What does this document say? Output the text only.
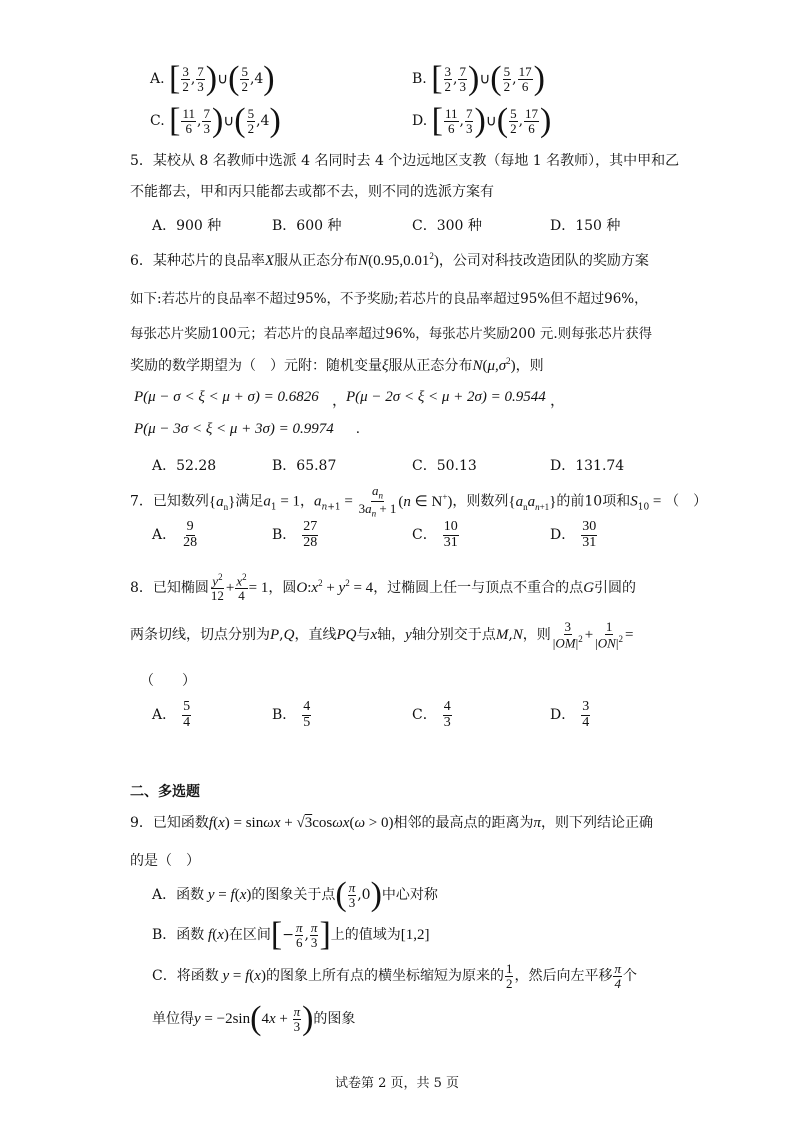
A. [ $\frac{3}{2}$ , $\frac{7}{3}$ )∪( $\frac{5}{2} ,4$)	B. [ $\frac{3}{2}$ , $\frac{7}{3}$ )∪( $\frac{5}{2}$ , $\frac{17}{6}$ )
C. [ $\frac{11}{6}$ , $\frac{7}{3}$ )∪( $\frac{5}{2} ,4$)	D. [ $\frac{11}{6}$ , $\frac{7}{3}$ )∪( $\frac{5}{2}$ , $\frac{17}{6}$ )
5．某校从 8 名教师中选派 4 名同时去 4 个边远地区支教（每地 1 名教师），其中甲和乙
不能都去，甲和丙只能都去或都不去，则不同的选派方案有
A．900 种	B．600 种	C．300 种	D．150 种
6．某种芯片的良品率X服从正态分布N(0.95,0.01$^2$)，公司对科技改造团队的奖励方案
如下:若芯片的良品率不超过95%，不予奖励;若芯片的良品率超过95%但不超过96%，
每张芯片奖励100元；若芯片的良品率超过96%，每张芯片奖励200 元.则每张芯片获得
奖励的数学期望为（　）元附：随机变量ξ服从正态分布$N(\mu,\sigma^2)$，则
P(μ − σ < ξ < μ + σ) = 0.6826 ，
P(μ − 2σ < ξ < μ + 2σ) = 0.9544 ，
P(μ − 3σ < ξ < μ + 3σ) = 0.9974 .
A．52.28	B．65.87	C．50.13	D．131.74
7．已知数列$\{a_n\}$满足$a_1 = 1$，$a_{n+1} = \frac{a_n}{3a_n + 1} (n$ ∈ N+)，则数列$\{a_na_{n+1}\}$的前10项和$S_{10}$ = （　）
A． $\frac{9}{28}$	B． $\frac{27}{28}$	C． $\frac{10}{31}$	D． $\frac{30}{31}$
8．已知椭圆 $\frac{y^2}{12} + \frac{x^2}{4} = 1$，圆$O:x^2 + y^2 = 4$，过椭圆上任一与顶点不重合的点G引圆的
两条切线，切点分别为P,Q，直线PQ与x轴，y轴分别交于点M,N，则 $\frac{3}{|OM|^2} + \frac{1}{|ON|^2}$ =
（　　）
A． $\frac{5}{4}$	B． $\frac{4}{5}$	C． $\frac{4}{3}$	D． $\frac{3}{4}$
二、多选题
9．已知函数f(x) = sinωx + √3cosωx(ω > 0)相邻的最高点的距离为π，则下列结论正确
的是（　）
A．函数 y = f(x)的图象关于点( $\frac{\pi}{3} ,0$)中心对称
B．函数 f(x)在区间[− $\frac{\pi}{6}$ , $\frac{\pi}{3}$ ]上的值域为[1,2]
C．将函数 y = f(x)的图象上所有点的横坐标缩短为原来的 $\frac{1}{2}$ ，然后向左平移 $\frac{\pi}{4}$ 个
单位得$y = -2\sin(4x + \frac{\pi}{3}$ )的图象
试卷第 2 页，共 5 页
